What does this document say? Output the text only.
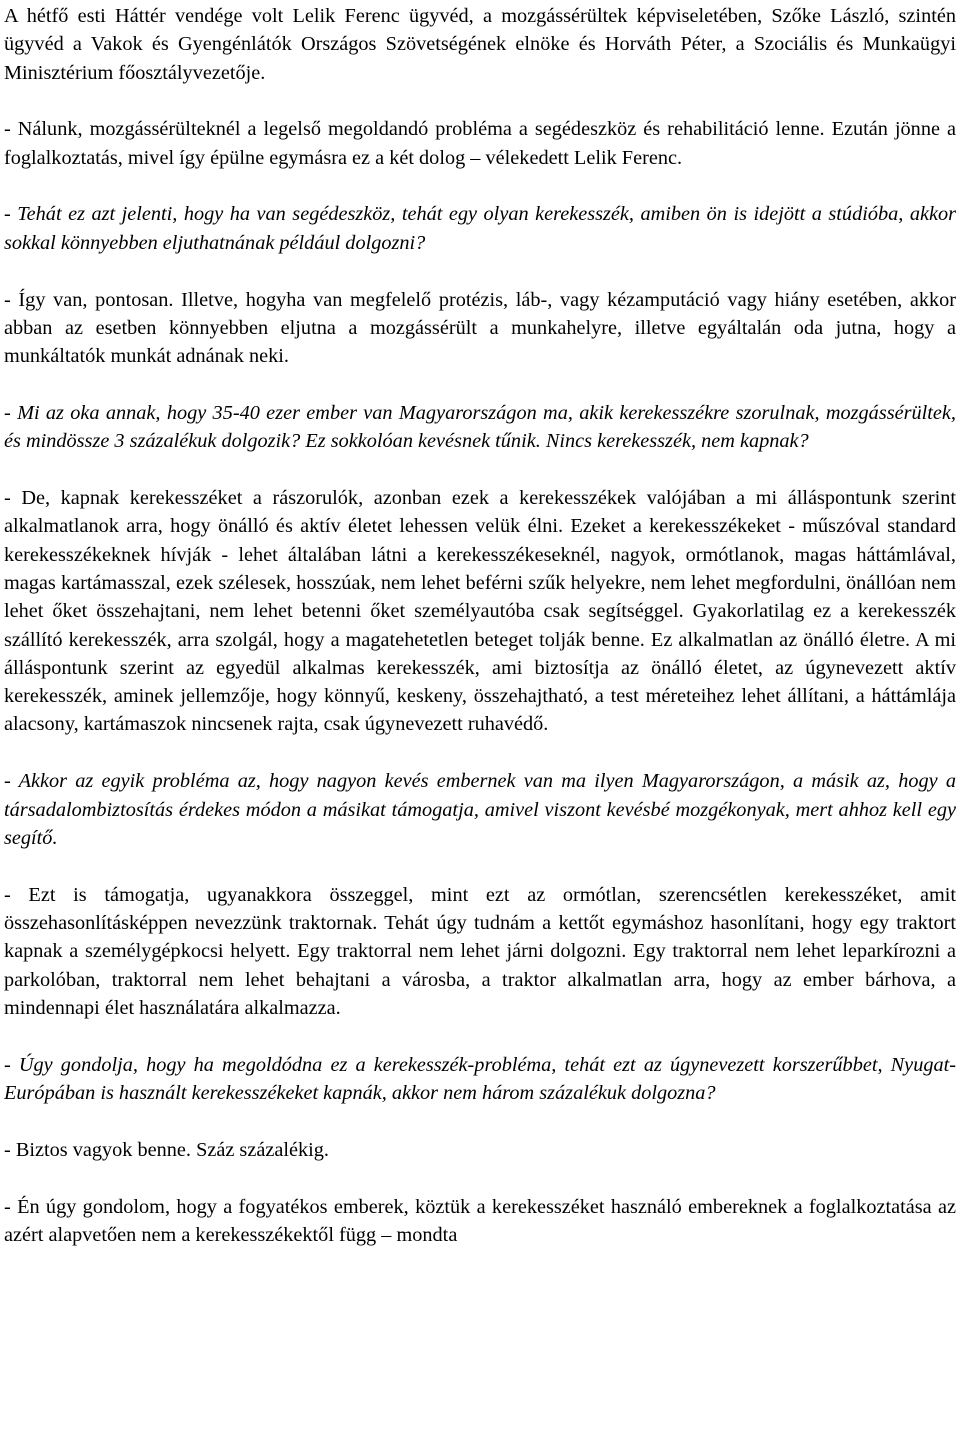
A hétfő esti Háttér vendége volt Lelik Ferenc ügyvéd, a mozgássérültek képviseletében, Szőke László, szintén ügyvéd a Vakok és Gyengénlátók Országos Szövetségének elnöke és Horváth Péter, a Szociális és Munkaügyi Minisztérium főosztályvezetője.

- Nálunk, mozgássérülteknél a legelső megoldandó probléma a segédeszköz és rehabilitáció lenne. Ezután jönne a foglalkoztatás, mivel így épülne egymásra ez a két dolog – vélekedett Lelik Ferenc.

- Tehát ez azt jelenti, hogy ha van segédeszköz, tehát egy olyan kerekesszék, amiben ön is idejött a stúdióba, akkor sokkal könnyebben eljuthatnának például dolgozni?

- Így van, pontosan. Illetve, hogyha van megfelelő protézis, láb-, vagy kézamputáció vagy hiány esetében, akkor abban az esetben könnyebben eljutna a mozgássérült a munkahelyre, illetve egyáltalán oda jutna, hogy a munkáltatók munkát adnának neki.

- Mi az oka annak, hogy 35-40 ezer ember van Magyarországon ma, akik kerekesszékre szorulnak, mozgássérültek, és mindössze 3 százalékuk dolgozik? Ez sokkolóan kevésnek tűnik. Nincs kerekesszék, nem kapnak?

- De, kapnak kerekesszéket a rászorulók, azonban ezek a kerekesszékek valójában a mi álláspontunk szerint alkalmatlanok arra, hogy önálló és aktív életet lehessen velük élni. Ezeket a kerekesszékeket - műszóval standard kerekesszékeknek hívják - lehet általában látni a kerekesszékeseknél, nagyok, ormótlanok, magas háttámlával, magas kartámasszal, ezek szélesek, hosszúak, nem lehet beférni szűk helyekre, nem lehet megfordulni, önállóan nem lehet őket összehajtani, nem lehet betenni őket személyautóba csak segítséggel. Gyakorlatilag ez a kerekesszék szállító kerekesszék, arra szolgál, hogy a magatehetetlen beteget tolják benne. Ez alkalmatlan az önálló életre. A mi álláspontunk szerint az egyedül alkalmas kerekesszék, ami biztosítja az önálló életet, az úgynevezett aktív kerekesszék, aminek jellemzője, hogy könnyű, keskeny, összehajtható, a test méreteihez lehet állítani, a háttámlája alacsony, kartámaszok nincsenek rajta, csak úgynevezett ruhavédő.

- Akkor az egyik probléma az, hogy nagyon kevés embernek van ma ilyen Magyarországon, a másik az, hogy a társadalombiztosítás érdekes módon a másikat támogatja, amivel viszont kevésbé mozgékonyak, mert ahhoz kell egy segítő.

- Ezt is támogatja, ugyanakkora összeggel, mint ezt az ormótlan, szerencsétlen kerekesszéket, amit összehasonlításképpen nevezzünk traktornak. Tehát úgy tudnám a kettőt egymáshoz hasonlítani, hogy egy traktort kapnak a személygépkocsi helyett. Egy traktorral nem lehet járni dolgozni. Egy traktorral nem lehet leparkírozni a parkolóban, traktorral nem lehet behajtani a városba, a traktor alkalmatlan arra, hogy az ember bárhova, a mindennapi élet használatára alkalmazza.

- Úgy gondolja, hogy ha megoldódna ez a kerekesszék-probléma, tehát ezt az úgynevezett korszerűbbet, Nyugat-Európában is használt kerekesszékeket kapnák, akkor nem három százalékuk dolgozna?

- Biztos vagyok benne. Száz százalékig.

- Én úgy gondolom, hogy a fogyatékos emberek, köztük a kerekesszéket használó embereknek a foglalkoztatása az azért alapvetően nem a kerekesszékektől függ – mondta
